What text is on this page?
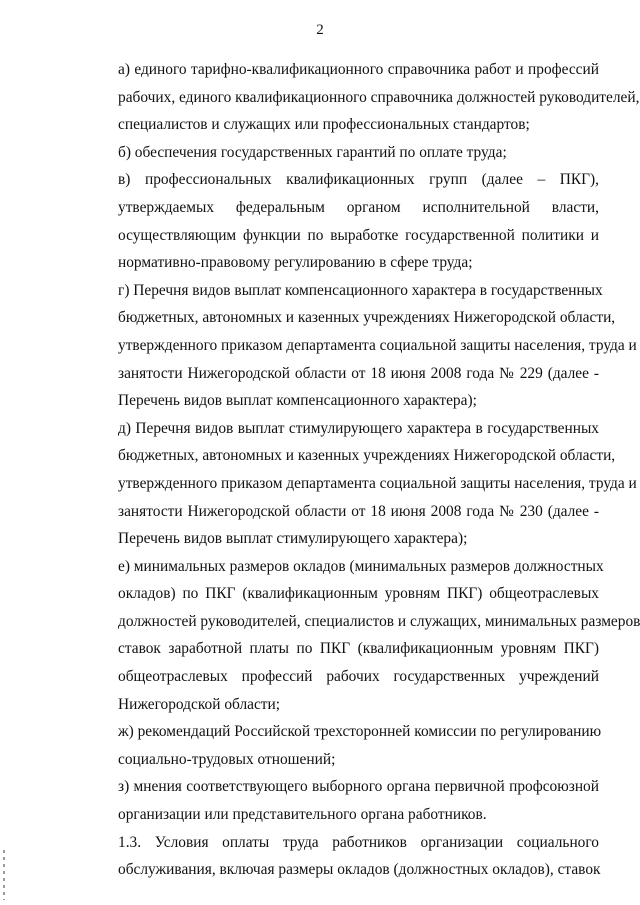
2

а) единого тарифно-квалификационного справочника работ и профессий
рабочих, единого квалификационного справочника должностей руководителей,
специалистов и служащих или профессиональных стандартов;

б) обеспечения государственных гарантий по оплате труда;

в) профессиональных квалификационных групп (далее – ПКГ),
утверждаемых федеральным органом исполнительной власти,
осуществляющим функции по выработке государственной политики и
нормативно-правовому регулированию в сфере труда;

г) Перечня видов выплат компенсационного характера в государственных
бюджетных, автономных и казенных учреждениях Нижегородской области,
утвержденного приказом департамента социальной защиты населения, труда и
занятости Нижегородской области от 18 июня 2008 года № 229 (далее -
Перечень видов выплат компенсационного характера);

д) Перечня видов выплат стимулирующего характера в государственных
бюджетных, автономных и казенных учреждениях Нижегородской области,
утвержденного приказом департамента социальной защиты населения, труда и
занятости Нижегородской области от 18 июня 2008 года № 230 (далее -
Перечень видов выплат стимулирующего характера);

е) минимальных размеров окладов (минимальных размеров должностных
окладов) по ПКГ (квалификационным уровням ПКГ) общеотраслевых
должностей руководителей, специалистов и служащих, минимальных размеров
ставок заработной платы по ПКГ (квалификационным уровням ПКГ)
общеотраслевых профессий рабочих государственных учреждений
Нижегородской области;

ж) рекомендаций Российской трехсторонней комиссии по регулированию
социально-трудовых отношений;

з) мнения соответствующего выборного органа первичной профсоюзной
организации или представительного органа работников.

1.3. Условия оплаты труда работников организации социального
обслуживания, включая размеры окладов (должностных окладов), ставок
